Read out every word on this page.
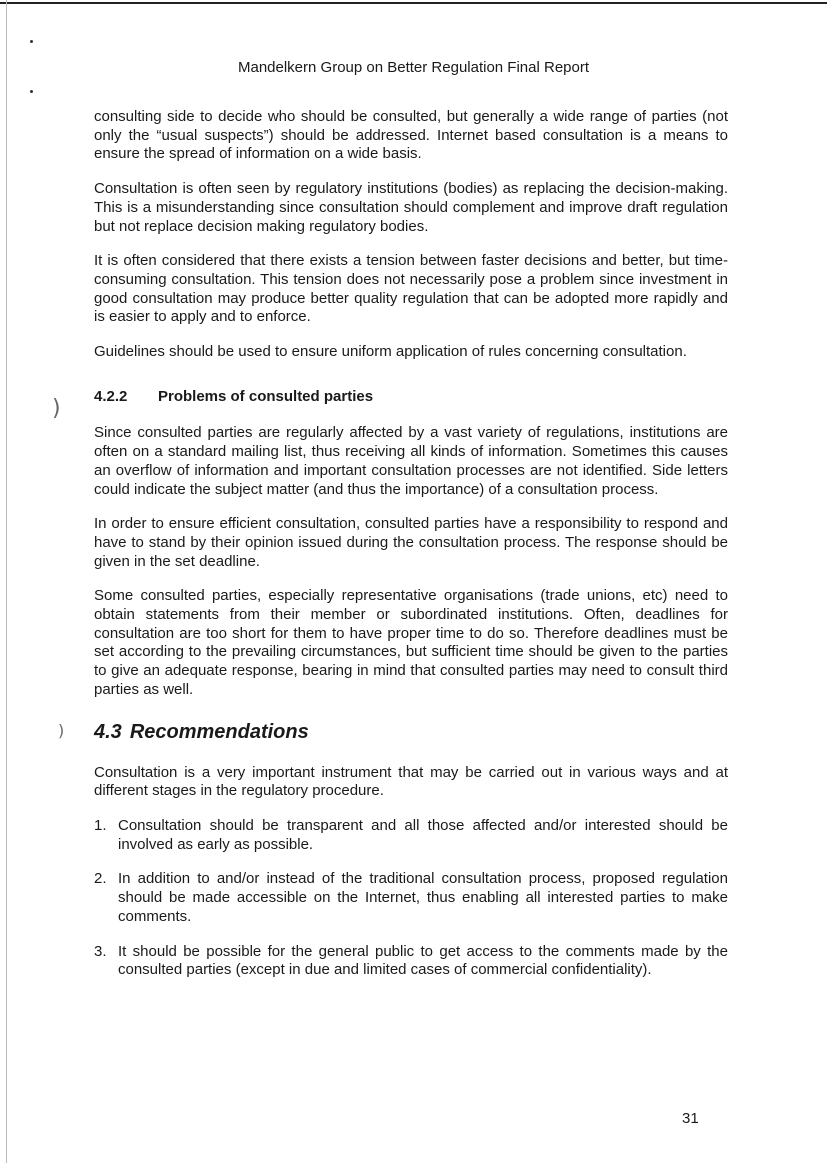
)
)
Mandelkern Group on Better Regulation Final Report

consulting side to decide who should be consulted, but generally a wide range of parties (not only the “usual suspects”) should be addressed. Internet based consultation is a means to ensure the spread of information on a wide basis.

Consultation is often seen by regulatory institutions (bodies) as replacing the decision-making. This is a misunderstanding since consultation should complement and improve draft regulation but not replace decision making regulatory bodies.

It is often considered that there exists a tension between faster decisions and better, but time-consuming consultation. This tension does not necessarily pose a problem since investment in good consultation may produce better quality regulation that can be adopted more rapidly and is easier to apply and to enforce.

Guidelines should be used to ensure uniform application of rules concerning consultation.

4.2.2	Problems of consulted parties

Since consulted parties are regularly affected by a vast variety of regulations, institutions are often on a standard mailing list, thus receiving all kinds of information. Sometimes this causes an overflow of information and important consultation processes are not identified. Side letters could indicate the subject matter (and thus the importance) of a consultation process.

In order to ensure efficient consultation, consulted parties have a responsibility to respond and have to stand by their opinion issued during the consultation process. The response should be given in the set deadline.

Some consulted parties, especially representative organisations (trade unions, etc) need to obtain statements from their member or subordinated institutions. Often, deadlines for consultation are too short for them to have proper time to do so. Therefore deadlines must be set according to the prevailing circumstances, but sufficient time should be given to the parties to give an adequate response, bearing in mind that consulted parties may need to consult third parties as well.

4.3 Recommendations

Consultation is a very important instrument that may be carried out in various ways and at different stages in the regulatory procedure.

1. Consultation should be transparent and all those affected and/or interested should be involved as early as possible.
2. In addition to and/or instead of the traditional consultation process, proposed regulation should be made accessible on the Internet, thus enabling all interested parties to make comments.
3. It should be possible for the general public to get access to the comments made by the consulted parties (except in due and limited cases of commercial confidentiality).
31
